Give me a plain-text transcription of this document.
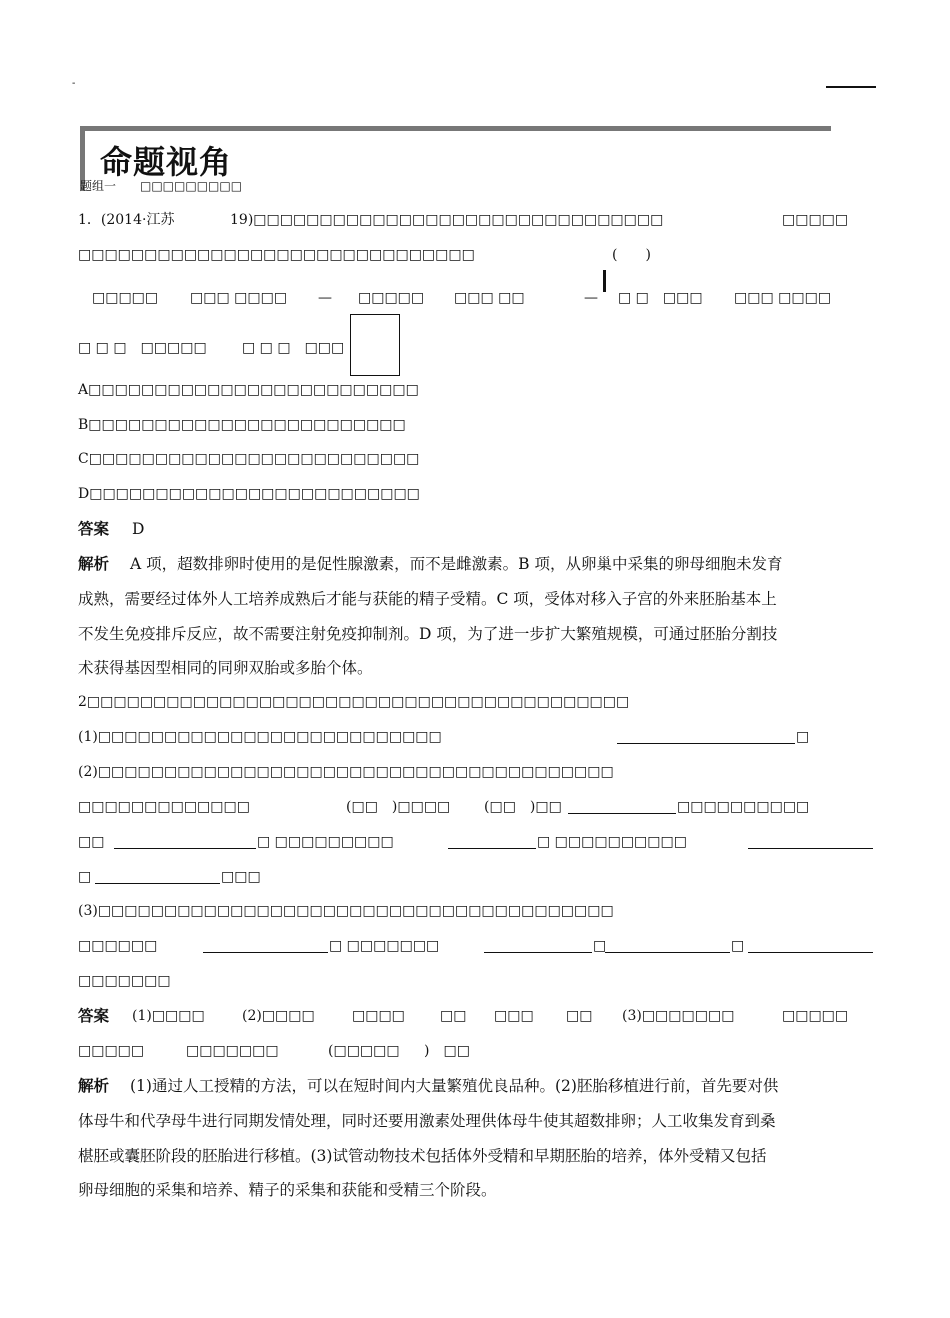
-
命题视角
题组一　　□□□□□□□□□
1．(2014·江苏	19)□□□□□□□□□□□□□□□□□□□□□□□□□□□□□□□	□□□□□
□□□□□□□□□□□□□□□□□□□□□□□□□□□□□□	(　　)
□□□□□ □□□ □□□□ — □□□□□ □□□ □□	— □ □　□□□ □□□ □□□□
□ □ □　□□□□□	□ □ □　□□□
A□□□□□□□□□□□□□□□□□□□□□□□□□
B□□□□□□□□□□□□□□□□□□□□□□□□
C□□□□□□□□□□□□□□□□□□□□□□□□□
D□□□□□□□□□□□□□□□□□□□□□□□□□
答案 D
解析 A 项，超数排卵时使用的是促性腺激素，而不是雌激素。B 项，从卵巢中采集的卵母细胞未发育
成熟，需要经过体外人工培养成熟后才能与获能的精子受精。C 项，受体对移入子宫的外来胚胎基本上
不发生免疫排斥反应，故不需要注射免疫抑制剂。D 项，为了进一步扩大繁殖规模，可通过胚胎分割技
术获得基因型相同的同卵双胎或多胎个体。
2□□□□□□□□□□□□□□□□□□□□□□□□□□□□□□□□□□□□□□□□□
(1)□□□□□□□□□□□□□□□□□□□□□□□□□□	□
(2)□□□□□□□□□□□□□□□□□□□□□□□□□□□□□□□□□□□□□□□
□□□□□□□□□□□□□	(□□　)□□□□ (□□　)□□	□□□□□□□□□□
□□	□ □□□□□□□□□	□ □□□□□□□□□□
□	□□□
(3)□□□□□□□□□□□□□□□□□□□□□□□□□□□□□□□□□□□□□□□
□□□□□□	□ □□□□□□□	□	□
□□□□□□□
答案 (1)□□□□	(2)□□□□	□□□□	□□ □□□ □□ (3)□□□□□□□	□□□□□
□□□□□	□□□□□□□	(□□□□□ )　□□
解析 (1)通过人工授精的方法，可以在短时间内大量繁殖优良品种。(2)胚胎移植进行前，首先要对供
体母牛和代孕母牛进行同期发情处理，同时还要用激素处理供体母牛使其超数排卵；人工收集发育到桑
椹胚或囊胚阶段的胚胎进行移植。(3)试管动物技术包括体外受精和早期胚胎的培养，体外受精又包括
卵母细胞的采集和培养、精子的采集和获能和受精三个阶段。
